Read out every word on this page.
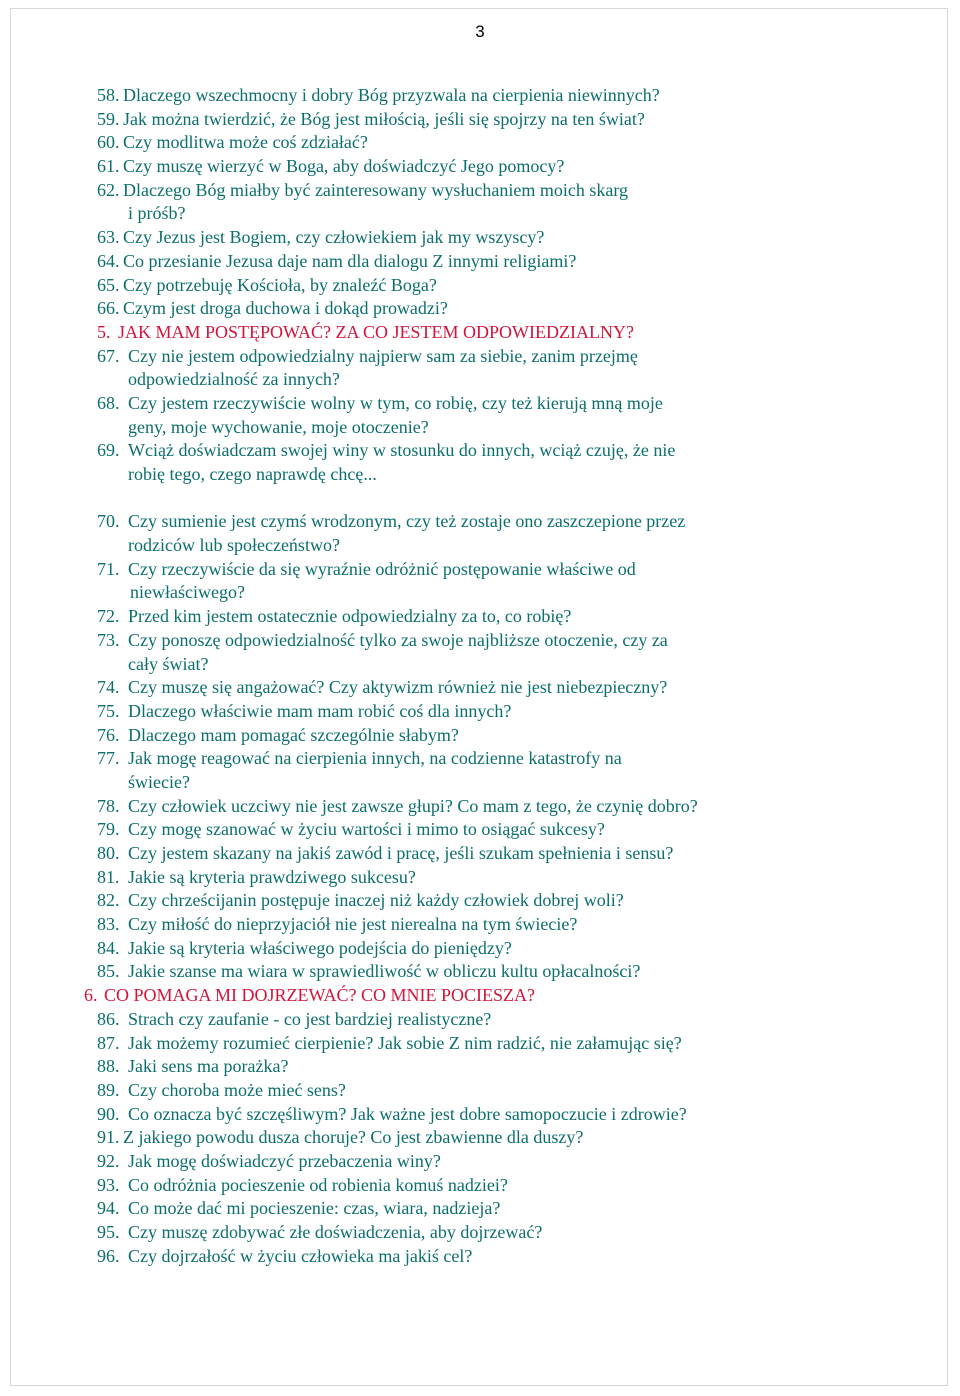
3
58. Dlaczego wszechmocny i dobry Bóg przyzwala na cierpienia niewinnych?
59. Jak można twierdzić, że Bóg jest miłością, jeśli się spojrzy na ten świat?
60. Czy modlitwa może coś zdziałać?
61. Czy muszę wierzyć w Boga, aby doświadczyć Jego pomocy?
62. Dlaczego Bóg miałby być zainteresowany wysłuchaniem moich skarg
i próśb?
63. Czy Jezus jest Bogiem, czy człowiekiem jak my wszyscy?
64. Co przesianie Jezusa daje nam dla dialogu Z innymi religiami?
65. Czy potrzebuję Kościoła, by znaleźć Boga?
66. Czym jest droga duchowa i dokąd prowadzi?
5. JAK MAM POSTĘPOWAĆ? ZA CO JESTEM ODPOWIEDZIALNY?
67. Czy nie jestem odpowiedzialny najpierw sam za siebie, zanim przejmę
odpowiedzialność za innych?
68. Czy jestem rzeczywiście wolny w tym, co robię, czy też kierują mną moje
geny, moje wychowanie, moje otoczenie?
69. Wciąż doświadczam swojej winy w stosunku do innych, wciąż czuję, że nie
robię tego, czego naprawdę chcę...
70. Czy sumienie jest czymś wrodzonym, czy też zostaje ono zaszczepione przez
rodziców lub społeczeństwo?
71. Czy rzeczywiście da się wyraźnie odróżnić postępowanie właściwe od
niewłaściwego?
72. Przed kim jestem ostatecznie odpowiedzialny za to, co robię?
73. Czy ponoszę odpowiedzialność tylko za swoje najbliższe otoczenie, czy za
cały świat?
74. Czy muszę się angażować? Czy aktywizm również nie jest niebezpieczny?
75. Dlaczego właściwie mam mam robić coś dla innych?
76. Dlaczego mam pomagać szczególnie słabym?
77. Jak mogę reagować na cierpienia innych, na codzienne katastrofy na
świecie?
78. Czy człowiek uczciwy nie jest zawsze głupi? Co mam z tego, że czynię dobro?
79. Czy mogę szanować w życiu wartości i mimo to osiągać sukcesy?
80. Czy jestem skazany na jakiś zawód i pracę, jeśli szukam spełnienia i sensu?
81. Jakie są kryteria prawdziwego sukcesu?
82. Czy chrześcijanin postępuje inaczej niż każdy człowiek dobrej woli?
83. Czy miłość do nieprzyjaciół nie jest nierealna na tym świecie?
84. Jakie są kryteria właściwego podejścia do pieniędzy?
85. Jakie szanse ma wiara w sprawiedliwość w obliczu kultu opłacalności?
6. CO POMAGA MI DOJRZEWAĆ? CO MNIE POCIESZA?
86. Strach czy zaufanie - co jest bardziej realistyczne?
87. Jak możemy rozumieć cierpienie? Jak sobie Z nim radzić, nie załamując się?
88. Jaki sens ma porażka?
89. Czy choroba może mieć sens?
90. Co oznacza być szczęśliwym? Jak ważne jest dobre samopoczucie i zdrowie?
91. Z jakiego powodu dusza choruje? Co jest zbawienne dla duszy?
92. Jak mogę doświadczyć przebaczenia winy?
93. Co odróżnia pocieszenie od robienia komuś nadziei?
94. Co może dać mi pocieszenie: czas, wiara, nadzieja?
95. Czy muszę zdobywać złe doświadczenia, aby dojrzewać?
96. Czy dojrzałość w życiu człowieka ma jakiś cel?
